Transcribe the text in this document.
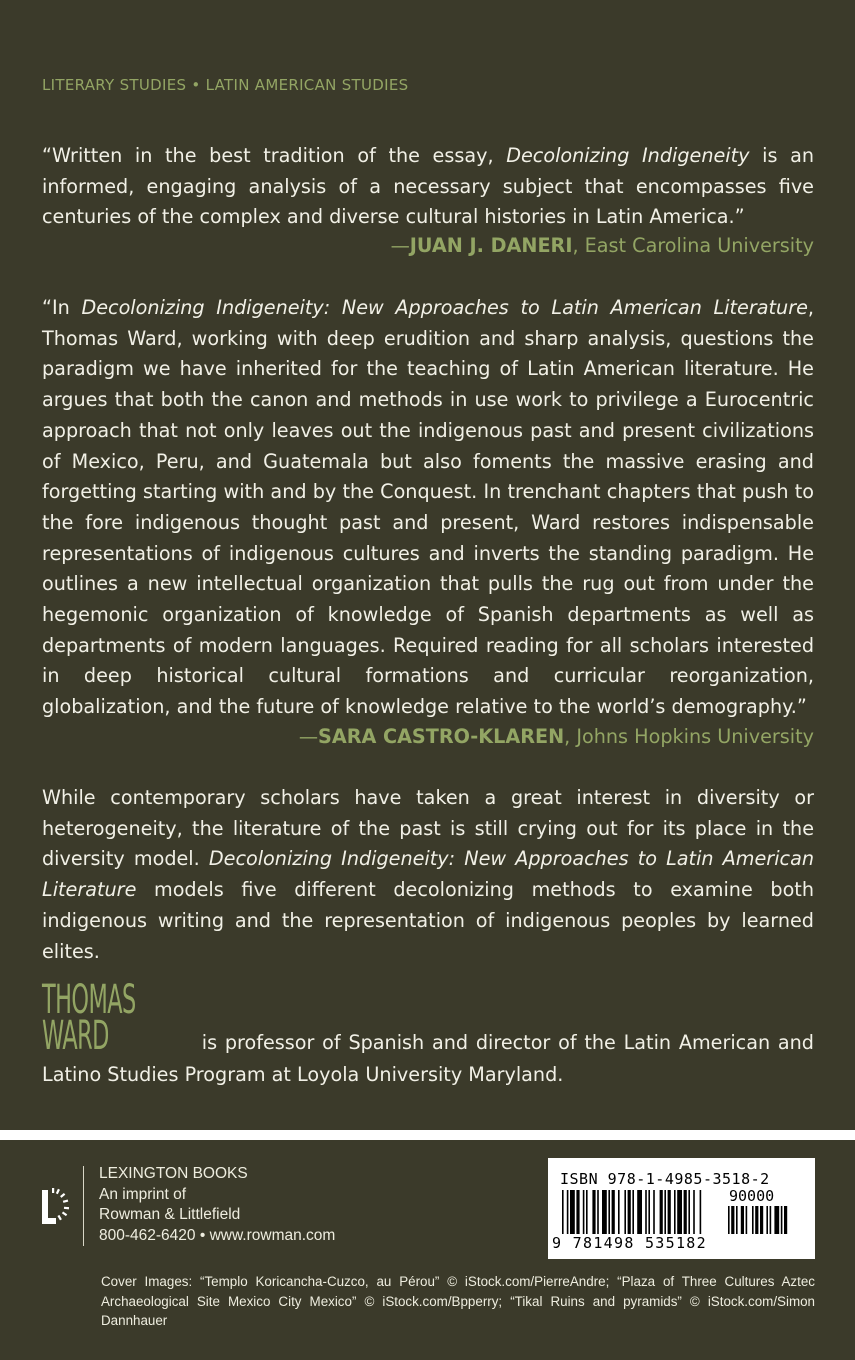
LITERARY STUDIES • LATIN AMERICAN STUDIES
“Written in the best tradition of the essay, Decolonizing Indigeneity is an informed, engaging analysis of a necessary subject that encompasses five centuries of the complex and diverse cultural histories in Latin America.”
—JUAN J. DANERI, East Carolina University
“In Decolonizing Indigeneity: New Approaches to Latin American Literature, Thomas Ward, working with deep erudition and sharp analysis, questions the paradigm we have inherited for the teaching of Latin American literature. He argues that both the canon and methods in use work to privilege a Eurocentric approach that not only leaves out the indigenous past and present civilizations of Mexico, Peru, and Guatemala but also foments the massive erasing and forgetting starting with and by the Conquest. In trenchant chapters that push to the fore indigenous thought past and present, Ward restores indispensable representations of indigenous cultures and inverts the standing paradigm. He outlines a new intellectual organization that pulls the rug out from under the hegemonic organization of knowledge of Spanish departments as well as departments of modern languages. Required reading for all scholars interested in deep historical cultural formations and curricular reorganization, globalization, and the future of knowledge relative to the world’s demography.”
—SARA CASTRO-KLAREN, Johns Hopkins University
While contemporary scholars have taken a great interest in diversity or heterogeneity, the literature of the past is still crying out for its place in the diversity model. Decolonizing Indigeneity: New Approaches to Latin American Literature models five different decolonizing methods to examine both indigenous writing and the representation of indigenous peoples by learned elites.
THOMAS WARD	is professor of Spanish and director of the Latin American and Latino Studies Program at Loyola University Maryland.
LEXINGTON BOOKS
An imprint of
Rowman & Littlefield
800-462-6420 • www.rowman.com
ISBN 978-1-4985-3518-2
90000
9 781498 535182
Cover Images: “Templo Koricancha-Cuzco, au Pérou” © iStock.com/PierreAndre; “Plaza of Three Cultures Aztec Archaeological Site Mexico City Mexico” © iStock.com/Bpperry; “Tikal Ruins and pyramids” © iStock.com/Simon Dannhauer
